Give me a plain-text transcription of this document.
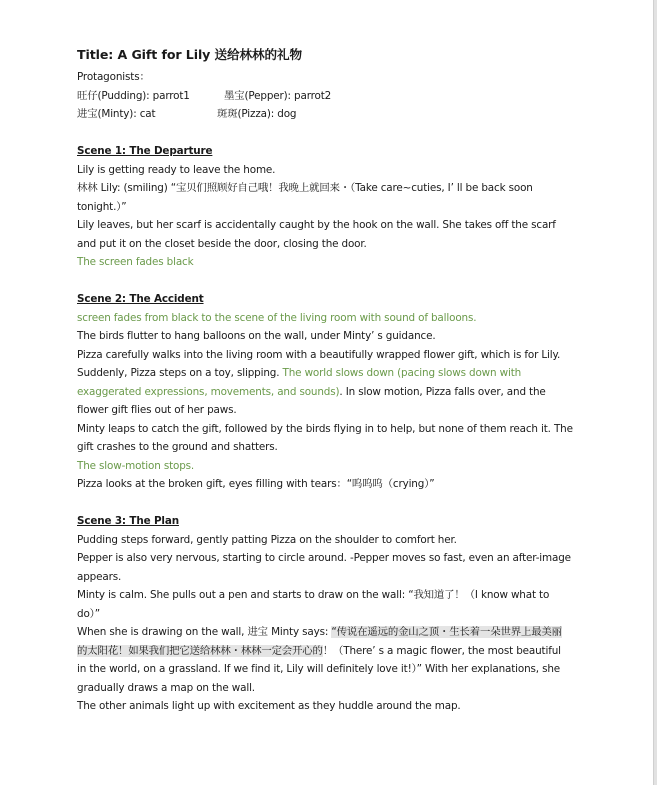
Title: A Gift for Lily 送给林林的礼物
Protagonists：
旺仔(Pudding): parrot1	墨宝(Pepper): parrot2
进宝(Minty): cat	斑斑(Pizza): dog
Scene 1: The Departure
Lily is getting ready to leave the home.
林林 Lily: (smiling) “宝贝们照顾好自己哦！我晚上就回来・（Take care~cuties, I’ ll be back soon
tonight.）”
Lily leaves, but her scarf is accidentally caught by the hook on the wall. She takes off the scarf and put it on the closet beside the door, closing the door.
The screen fades black
Scene 2: The Accident
screen fades from black to the scene of the living room with sound of balloons.
The birds flutter to hang balloons on the wall, under Minty’ s guidance.
Pizza carefully walks into the living room with a beautifully wrapped flower gift, which is for Lily.
Suddenly, Pizza steps on a toy, slipping. The world slows down (pacing slows down with exaggerated expressions, movements, and sounds). In slow motion, Pizza falls over, and the flower gift flies out of her paws.
Minty leaps to catch the gift, followed by the birds flying in to help, but none of them reach it. The gift crashes to the ground and shatters.
The slow-motion stops.
Pizza looks at the broken gift, eyes filling with tears：“呜呜呜（crying）”
Scene 3: The Plan
Pudding steps forward, gently patting Pizza on the shoulder to comfort her.
Pepper is also very nervous, starting to circle around. -Pepper moves so fast, even an after-image appears.
Minty is calm. She pulls out a pen and starts to draw on the wall: “我知道了！（I know what to
do）”
When she is drawing on the wall, 进宝 Minty says: “传说在遥远的金山之顶・生长着一朵世界上最美丽
的太阳花！如果我们把它送给林林・林林一定会开心的！（There’ s a magic flower, the most beautiful
in the world, on a grassland. If we find it, Lily will definitely love it!）” With her explanations, she
gradually draws a map on the wall.
The other animals light up with excitement as they huddle around the map.
